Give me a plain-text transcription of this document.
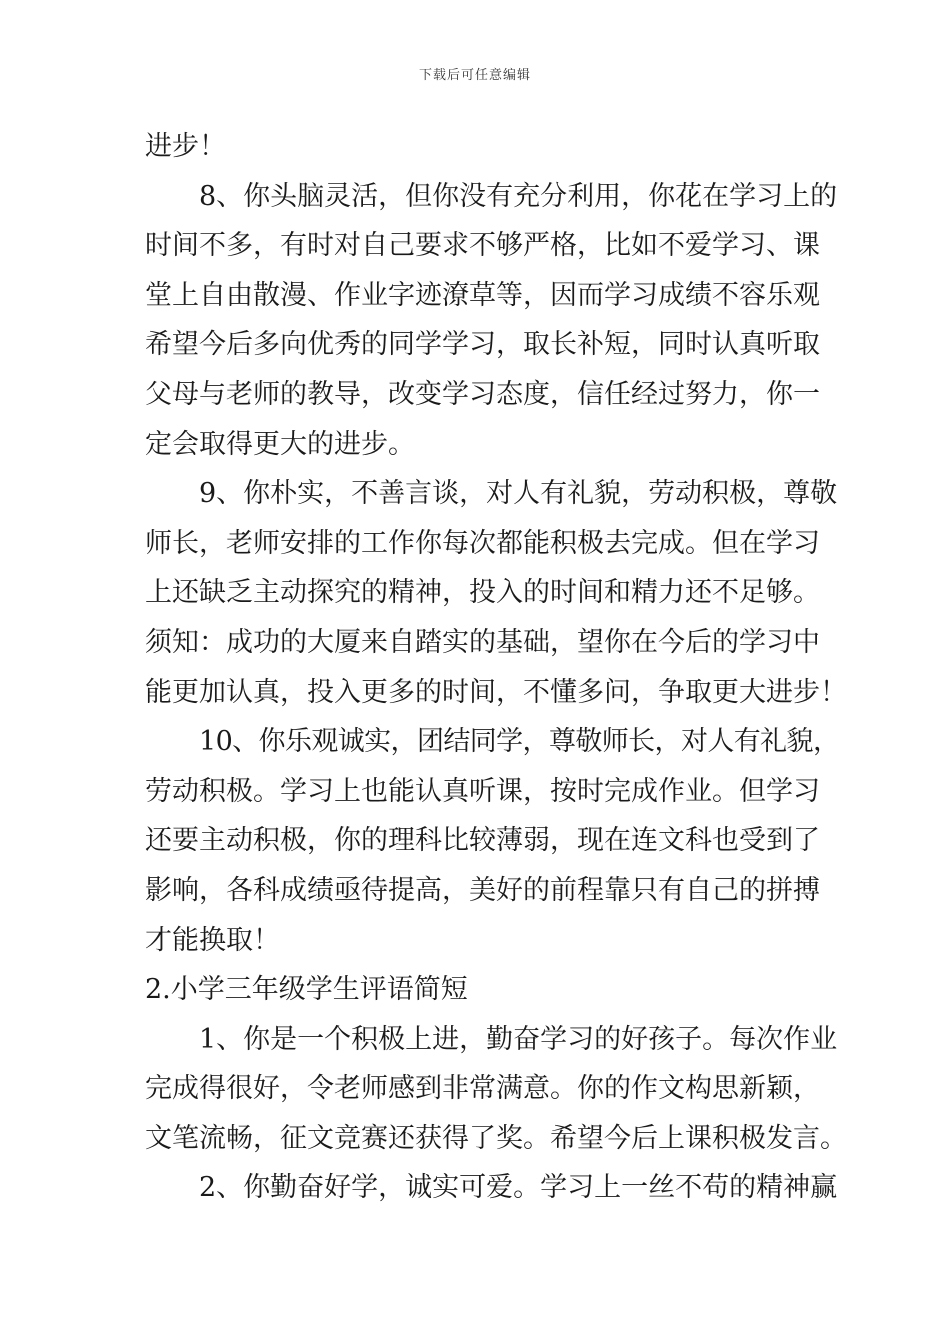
下载后可任意编辑
进步！
8、你头脑灵活，但你没有充分利用，你花在学习上的
时间不多，有时对自己要求不够严格，比如不爱学习、课
堂上自由散漫、作业字迹潦草等，因而学习成绩不容乐观
希望今后多向优秀的同学学习，取长补短，同时认真听取
父母与老师的教导，改变学习态度，信任经过努力，你一
定会取得更大的进步。
9、你朴实，不善言谈，对人有礼貌，劳动积极，尊敬
师长，老师安排的工作你每次都能积极去完成。但在学习
上还缺乏主动探究的精神，投入的时间和精力还不足够。
须知：成功的大厦来自踏实的基础，望你在今后的学习中
能更加认真，投入更多的时间，不懂多问，争取更大进步！
10、你乐观诚实，团结同学，尊敬师长，对人有礼貌，
劳动积极。学习上也能认真听课，按时完成作业。但学习
还要主动积极，你的理科比较薄弱，现在连文科也受到了
影响，各科成绩亟待提高，美好的前程靠只有自己的拼搏
才能换取！
2.小学三年级学生评语简短
1、你是一个积极上进，勤奋学习的好孩子。每次作业
完成得很好，令老师感到非常满意。你的作文构思新颖，
文笔流畅，征文竞赛还获得了奖。希望今后上课积极发言。
2、你勤奋好学，诚实可爱。学习上一丝不苟的精神赢
